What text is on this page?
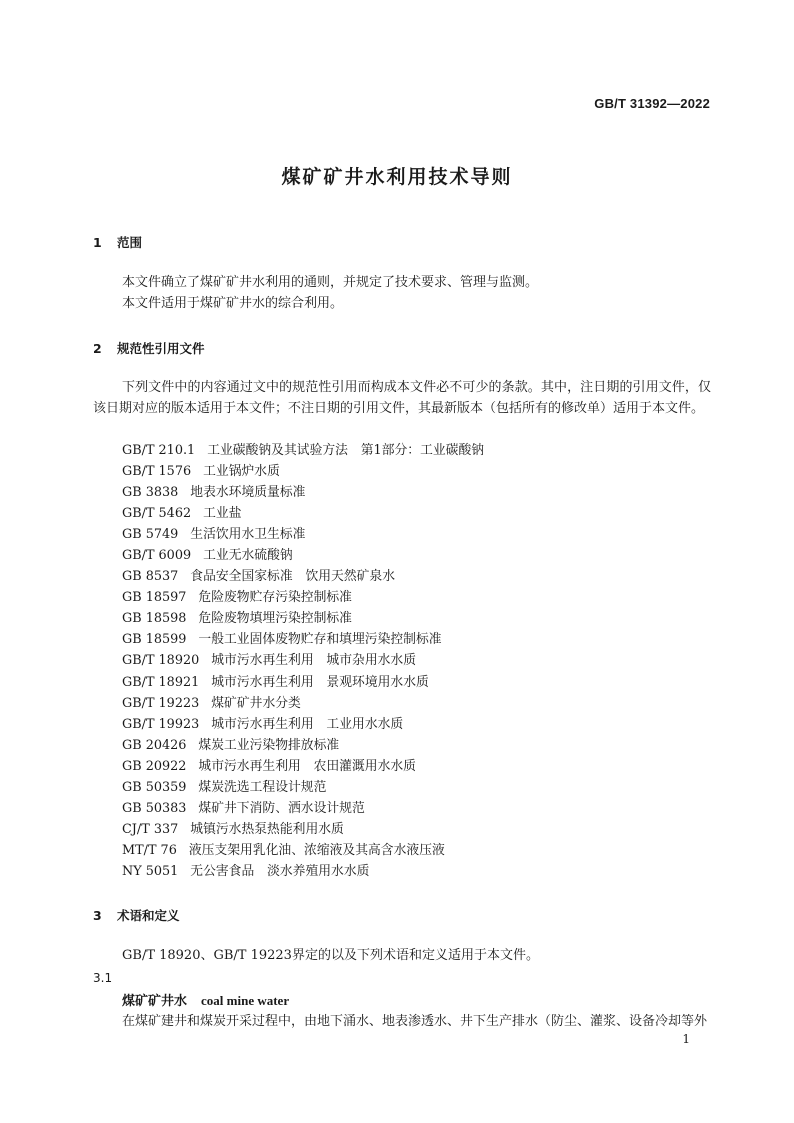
GB/T 31392—2022
煤矿矿井水利用技术导则
1 范围
本文件确立了煤矿矿井水利用的通则，并规定了技术要求、管理与监测。
本文件适用于煤矿矿井水的综合利用。
2 规范性引用文件
下列文件中的内容通过文中的规范性引用而构成本文件必不可少的条款。其中，注日期的引用文件，仅该日期对应的版本适用于本文件；不注日期的引用文件，其最新版本（包括所有的修改单）适用于本文件。
GB/T 210.1 工业碳酸钠及其试验方法　第1部分：工业碳酸钠
GB/T 1576 工业锅炉水质
GB 3838 地表水环境质量标准
GB/T 5462 工业盐
GB 5749 生活饮用水卫生标准
GB/T 6009 工业无水硫酸钠
GB 8537 食品安全国家标准　饮用天然矿泉水
GB 18597 危险废物贮存污染控制标准
GB 18598 危险废物填埋污染控制标准
GB 18599 一般工业固体废物贮存和填埋污染控制标准
GB/T 18920 城市污水再生利用　城市杂用水水质
GB/T 18921 城市污水再生利用　景观环境用水水质
GB/T 19223 煤矿矿井水分类
GB/T 19923 城市污水再生利用　工业用水水质
GB 20426 煤炭工业污染物排放标准
GB 20922 城市污水再生利用　农田灌溉用水水质
GB 50359 煤炭洗选工程设计规范
GB 50383 煤矿井下消防、洒水设计规范
CJ/T 337 城镇污水热泵热能利用水质
MT/T 76 液压支架用乳化油、浓缩液及其高含水液压液
NY 5051 无公害食品　淡水养殖用水水质
3 术语和定义
GB/T 18920、GB/T 19223界定的以及下列术语和定义适用于本文件。
3.1
煤矿矿井水 coal mine water
在煤矿建井和煤炭开采过程中，由地下涌水、地表渗透水、井下生产排水（防尘、灌浆、设备冷却等外
1
